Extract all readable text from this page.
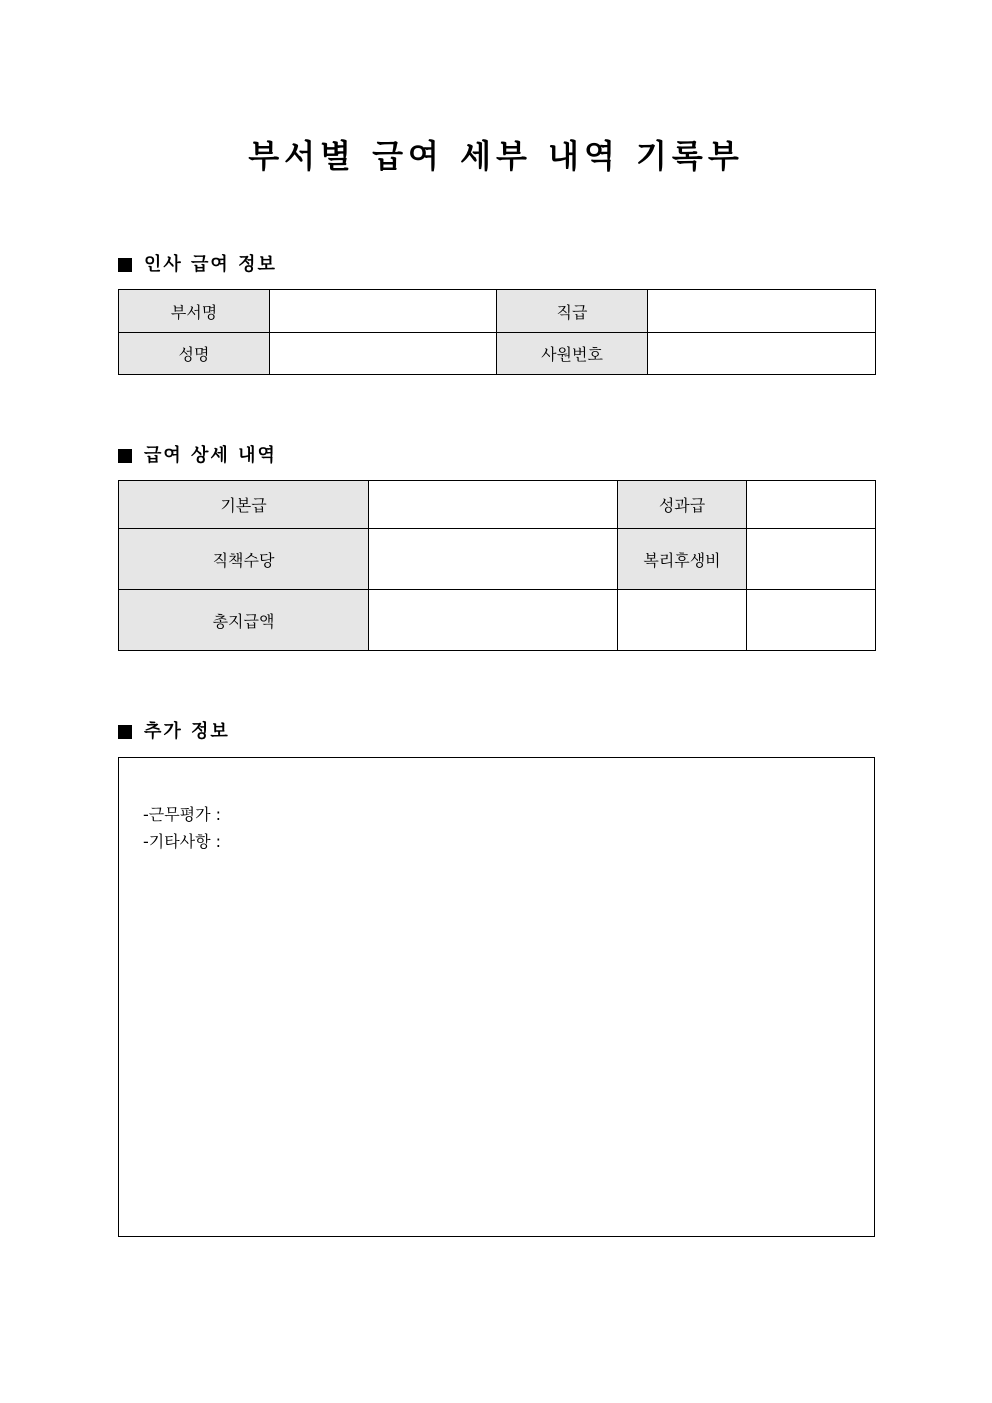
부서별 급여 세부 내역 기록부
인사 급여 정보
부서명		직급	
성명		사원번호	
급여 상세 내역
기본급		성과급	
직책수당		복리후생비	
총지급액			
추가 정보
-근무평가 :
-기타사항 :
